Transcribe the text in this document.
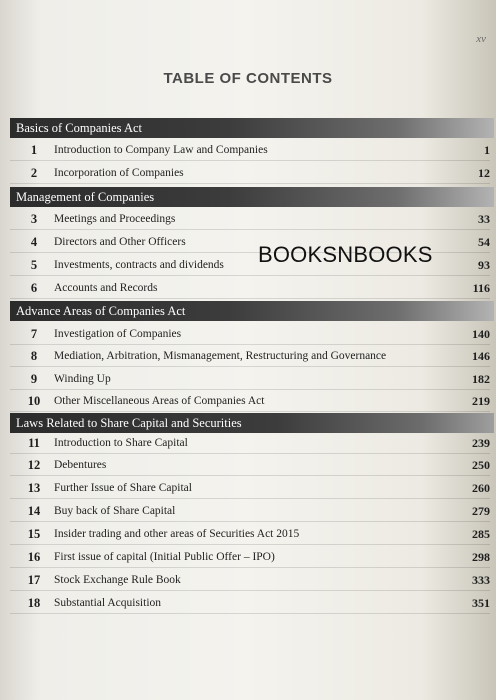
xv
TABLE OF CONTENTS
Basics of Companies Act
1	Introduction to Company Law and Companies	1
2	Incorporation of Companies	12
Management of Companies
3	Meetings and Proceedings	33
4	Directors and Other Officers	54
5	Investments, contracts and dividends	93
6	Accounts and Records	116
Advance Areas of Companies Act
7	Investigation of Companies	140
8	Mediation, Arbitration, Mismanagement, Restructuring and Governance	146
9	Winding Up	182
10	Other Miscellaneous Areas of Companies Act	219
Laws Related to Share Capital and Securities
11	Introduction to Share Capital	239
12	Debentures	250
13	Further Issue of Share Capital	260
14	Buy back of Share Capital	279
15	Insider trading and other areas of Securities Act 2015	285
16	First issue of capital (Initial Public Offer – IPO)	298
17	Stock Exchange Rule Book	333
18	Substantial Acquisition	351
BOOKSNBOOKS
